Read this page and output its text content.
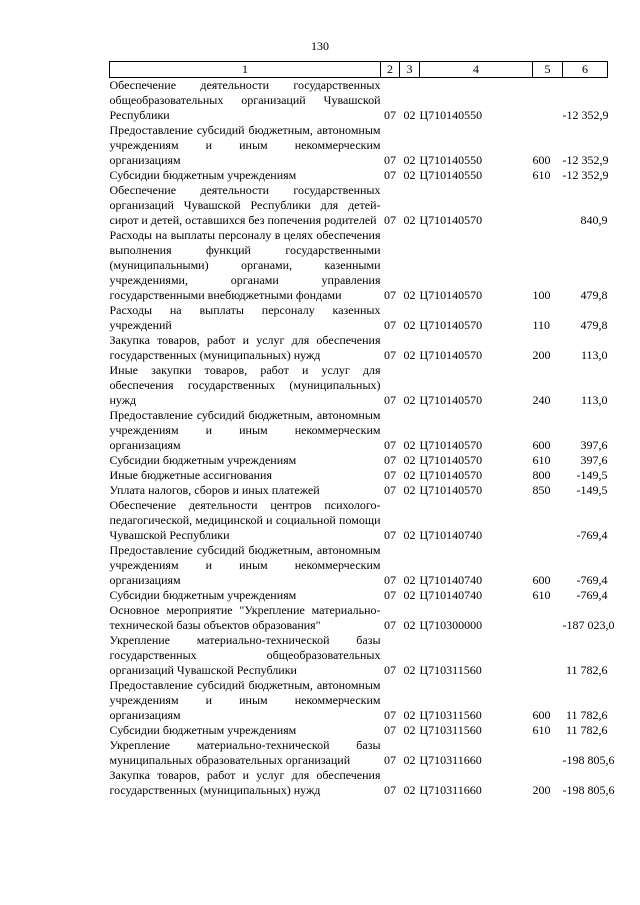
130
1	2	3	4	5	6
Обеспечение деятельности государственных общеобразовательных организаций Чувашской Республики	07	02	Ц710140550		-12 352,9
Предоставление субсидий бюджетным, автономным учреждениям и иным некоммерческим организациям	07	02	Ц710140550	600	-12 352,9
Субсидии бюджетным учреждениям	07	02	Ц710140550	610	-12 352,9
Обеспечение деятельности государственных организаций Чувашской Республики для детей-сирот и детей, оставшихся без попечения родителей	07	02	Ц710140570		840,9
Расходы на выплаты персоналу в целях обеспечения выполнения функций государственными (муниципальными) органами, казенными учреждениями, органами управления государственными внебюджетными фондами	07	02	Ц710140570	100	479,8
Расходы на выплаты персоналу казенных учреждений	07	02	Ц710140570	110	479,8
Закупка товаров, работ и услуг для обеспечения государственных (муниципальных) нужд	07	02	Ц710140570	200	113,0
Иные закупки товаров, работ и услуг для обеспечения государственных (муниципальных) нужд	07	02	Ц710140570	240	113,0
Предоставление субсидий бюджетным, автономным учреждениям и иным некоммерческим организациям	07	02	Ц710140570	600	397,6
Субсидии бюджетным учреждениям	07	02	Ц710140570	610	397,6
Иные бюджетные ассигнования	07	02	Ц710140570	800	-149,5
Уплата налогов, сборов и иных платежей	07	02	Ц710140570	850	-149,5
Обеспечение деятельности центров психолого-педагогической, медицинской и социальной помощи Чувашской Республики	07	02	Ц710140740		-769,4
Предоставление субсидий бюджетным, автономным учреждениям и иным некоммерческим организациям	07	02	Ц710140740	600	-769,4
Субсидии бюджетным учреждениям	07	02	Ц710140740	610	-769,4
Основное мероприятие "Укрепление материально-технической базы объектов образования"	07	02	Ц710300000		-187 023,0
Укрепление материально-технической базы государственных общеобразовательных организаций Чувашской Республики	07	02	Ц710311560		11 782,6
Предоставление субсидий бюджетным, автономным учреждениям и иным некоммерческим организациям	07	02	Ц710311560	600	11 782,6
Субсидии бюджетным учреждениям	07	02	Ц710311560	610	11 782,6
Укрепление материально-технической базы муниципальных образовательных организаций	07	02	Ц710311660		-198 805,6
Закупка товаров, работ и услуг для обеспечения государственных (муниципальных) нужд	07	02	Ц710311660	200	-198 805,6
